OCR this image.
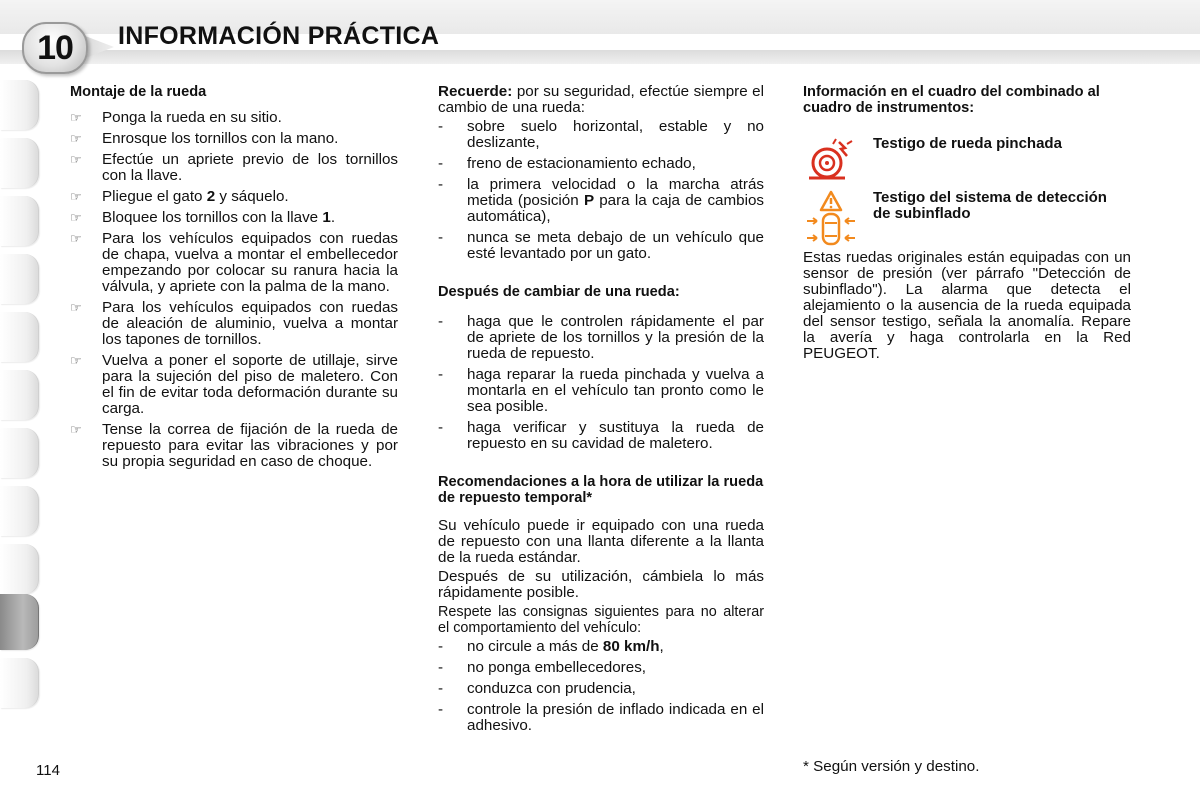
10	INFORMACIÓN PRÁCTICA

Montaje de la rueda

☞ Ponga la rueda en su sitio.
☞ Enrosque los tornillos con la mano.
☞ Efectúe un apriete previo de los tornillos con la llave.
☞ Pliegue el gato 2 y sáquelo.
☞ Bloquee los tornillos con la llave 1.
☞ Para los vehículos equipados con ruedas de chapa, vuelva a montar el embellecedor empezando por colocar su ranura hacia la válvula, y apriete con la palma de la mano.
☞ Para los vehículos equipados con ruedas de aleación de aluminio, vuelva a montar los tapones de tornillos.
☞ Vuelva a poner el soporte de utillaje, sirve para la sujeción del piso de maletero. Con el fin de evitar toda deformación durante su carga.
☞ Tense la correa de fijación de la rueda de repuesto para evitar las vibraciones y por su propia seguridad en caso de choque.

Recuerde: por su seguridad, efectúe siempre el cambio de una rueda:

- sobre suelo horizontal, estable y no deslizante,
- freno de estacionamiento echado,
- la primera velocidad o la marcha atrás metida (posición P para la caja de cambios automática),
- nunca se meta debajo de un vehículo que esté levantado por un gato.

Después de cambiar de una rueda:

- haga que le controlen rápidamente el par de apriete de los tornillos y la presión de la rueda de repuesto.
- haga reparar la rueda pinchada y vuelva a montarla en el vehículo tan pronto como le sea posible.
- haga verificar y sustituya la rueda de repuesto en su cavidad de maletero.

Recomendaciones a la hora de utilizar la rueda de repuesto temporal*

Su vehículo puede ir equipado con una rueda de repuesto con una llanta diferente a la llanta de la rueda estándar.

Después de su utilización, cámbiela lo más rápidamente posible.

Respete las consignas siguientes para no alterar el comportamiento del vehículo:

- no circule a más de 80 km/h,
- no ponga embellecedores,
- conduzca con prudencia,
- controle la presión de inflado indicada en el adhesivo.

Información en el cuadro del combinado al cuadro de instrumentos:

Testigo de rueda pinchada
Testigo del sistema de detección de subinflado

Estas ruedas originales están equipadas con un sensor de presión (ver párrafo "Detección de subinflado"). La alarma que detecta el alejamiento o la ausencia de la rueda equipada del sensor testigo, señala la anomalía. Repare la avería y haga controlarla en la Red PEUGEOT.

114	* Según versión y destino.
